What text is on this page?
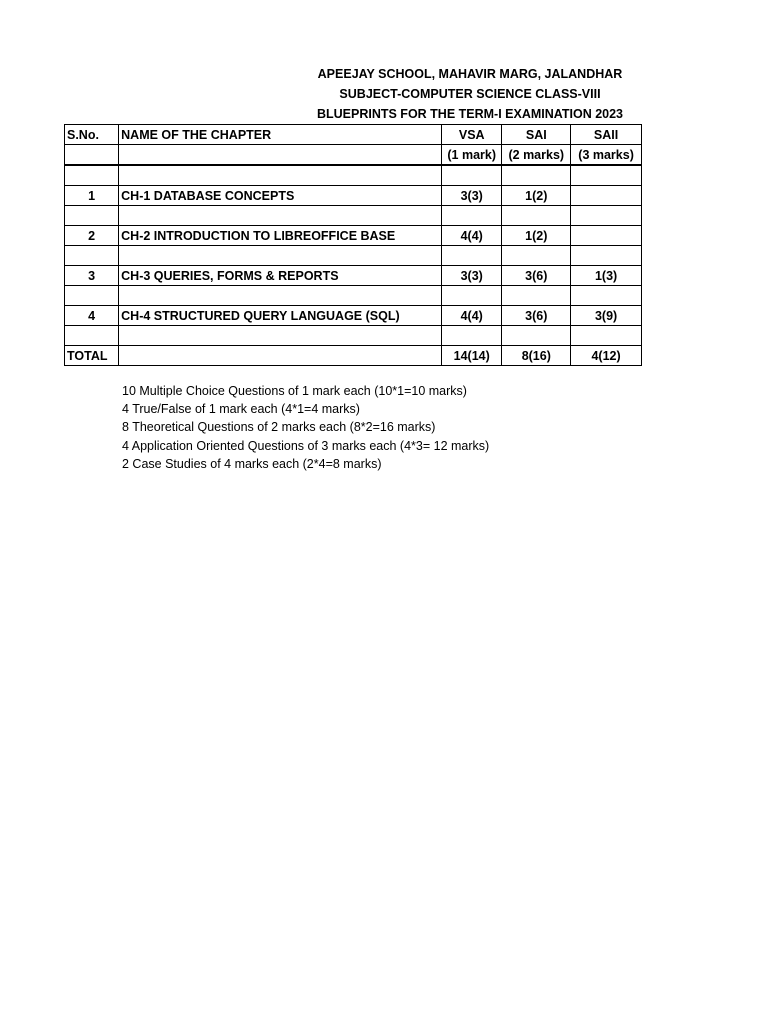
APEEJAY SCHOOL, MAHAVIR MARG, JALANDHAR
SUBJECT-COMPUTER SCIENCE CLASS-VIII
BLUEPRINTS FOR THE TERM-I EXAMINATION 2023
S.No.	NAME OF THE CHAPTER	VSA	SAI	SAII
		(1 mark)	(2 marks)	(3 marks)

1	CH-1 DATABASE CONCEPTS	3(3)	1(2)	

2	CH-2 INTRODUCTION TO LIBREOFFICE BASE	4(4)	1(2)	

3	CH-3 QUERIES, FORMS & REPORTS	3(3)	3(6)	1(3)

4	CH-4 STRUCTURED QUERY LANGUAGE (SQL)	4(4)	3(6)	3(9)

TOTAL		14(14)	8(16)	4(12)
10 Multiple Choice Questions of 1 mark each (10*1=10 marks)
4 True/False of 1 mark each (4*1=4 marks)
8 Theoretical Questions of 2 marks each (8*2=16 marks)
4 Application Oriented Questions of 3 marks each (4*3= 12 marks)
2 Case Studies of 4 marks each (2*4=8 marks)
